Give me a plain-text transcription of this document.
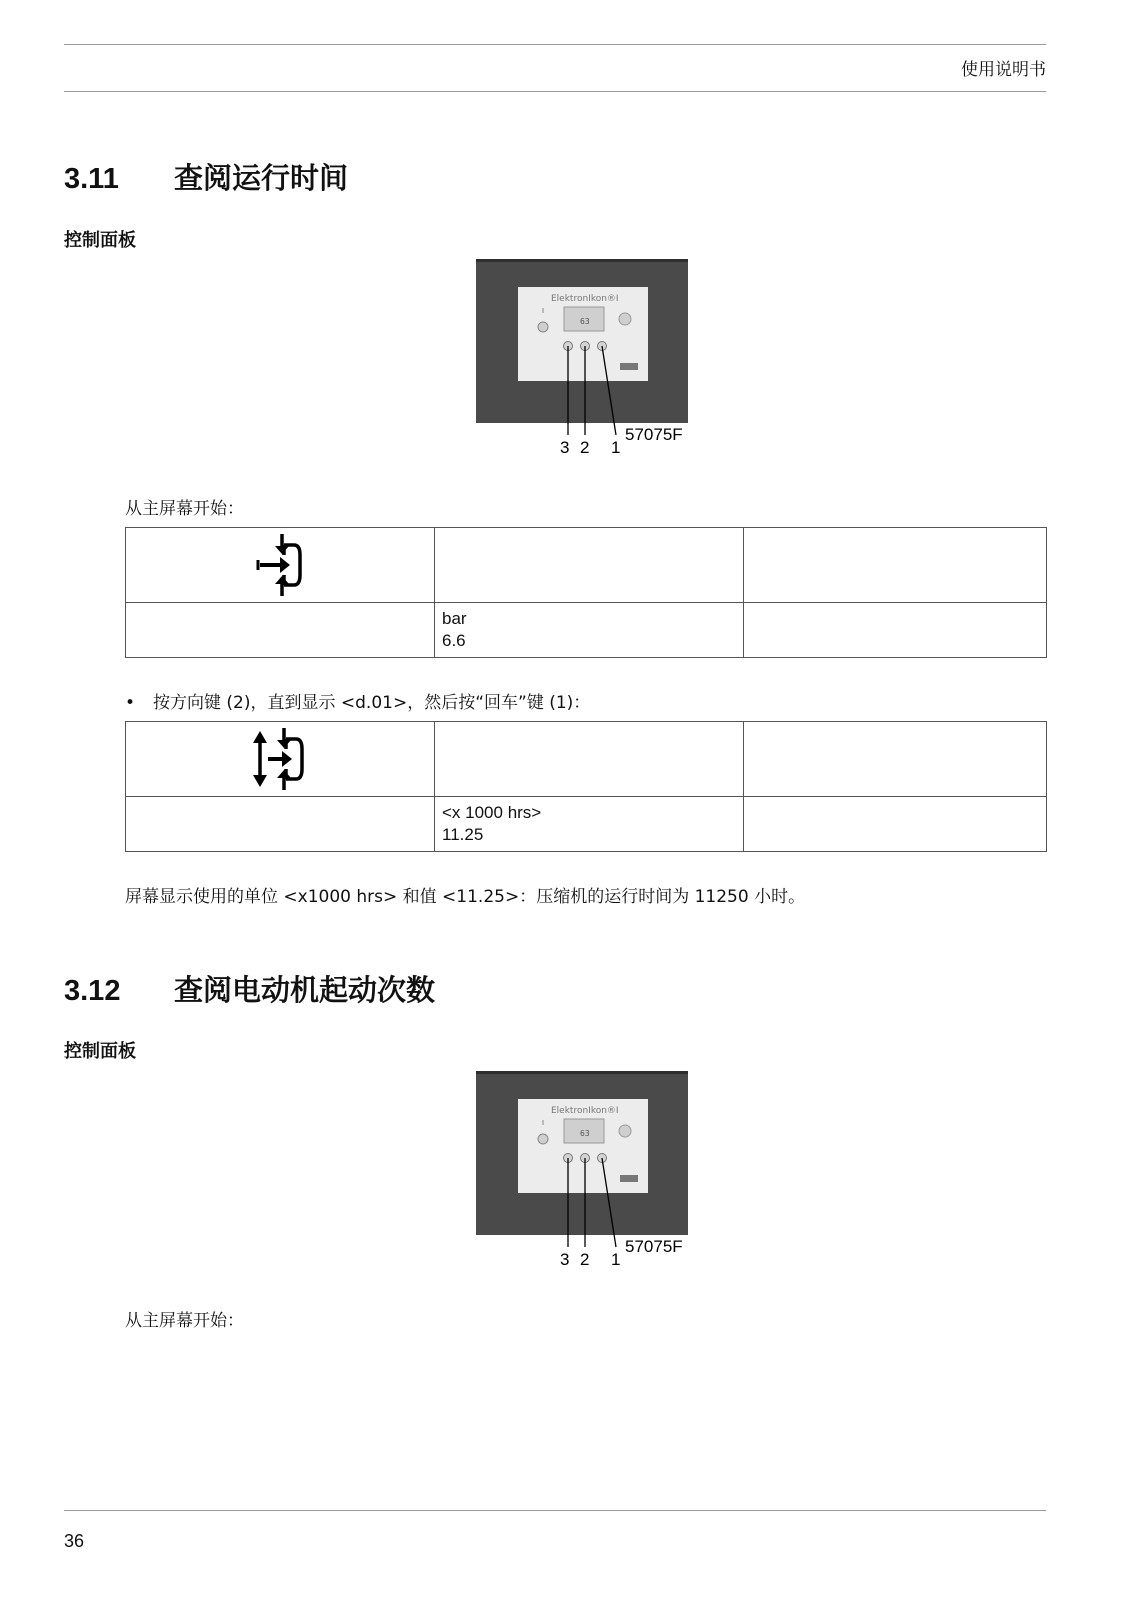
使用说明书
3.11 查阅运行时间
控制面板
ElektronIkon®I
63
3 2 1
57075F
从主屏幕开始：

	bar
6.6	

• 按方向键 (2)，直到显示 <d.01>，然后按“回车”键 (1)：

	<x 1000 hrs>
11.25	

屏幕显示使用的单位 <x1000 hrs> 和值 <11.25>：压缩机的运行时间为 11250 小时。
3.12 查阅电动机起动次数
控制面板
ElektronIkon®I
63
3 2 1
57075F
从主屏幕开始：
36
